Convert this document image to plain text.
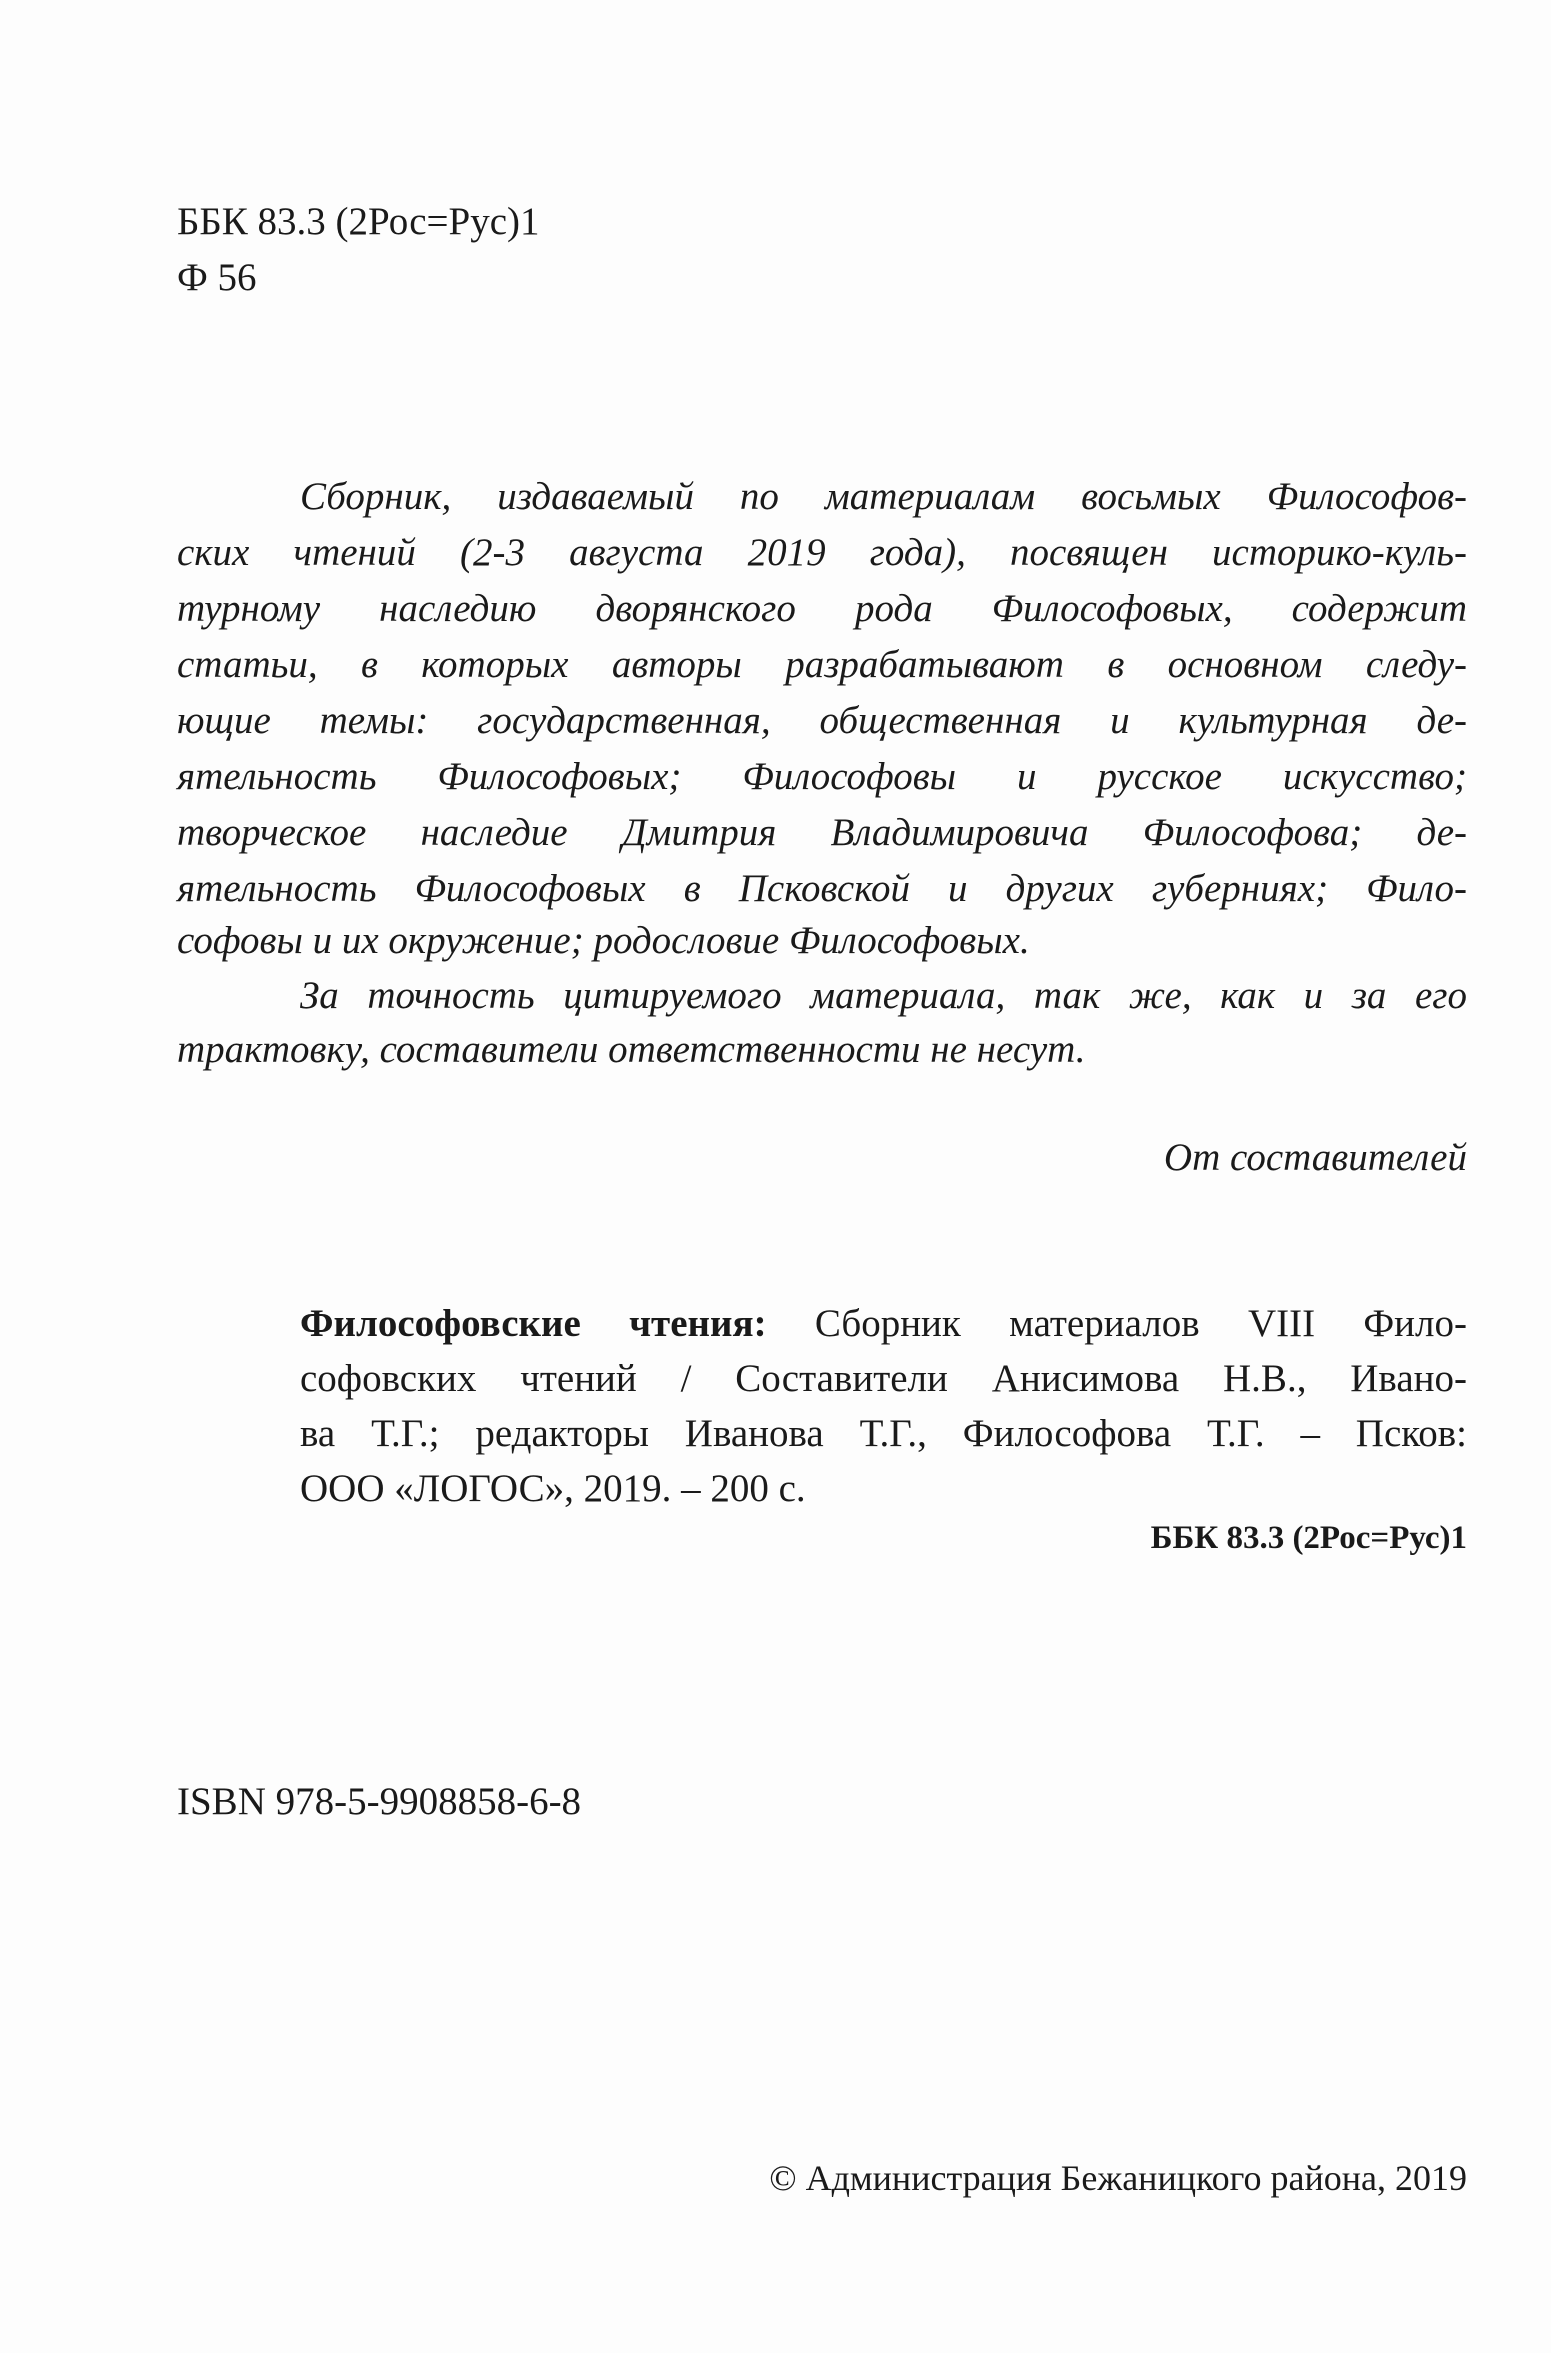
ББК 83.3 (2Рос=Рус)1
Ф 56
Сборник, издаваемый по материалам восьмых Философов-
ских чтений (2-3 августа 2019 года), посвящен историко-куль-
турному наследию дворянского рода Философовых, содержит
статьи, в которых авторы разрабатывают в основном следу-
ющие темы: государственная, общественная и культурная де-
ятельность Философовых; Философовы и русское искусство;
творческое наследие Дмитрия Владимировича Философова; де-
ятельность Философовых в Псковской и других губерниях; Фило-
софовы и их окружение; родословие Философовых.
За точность цитируемого материала, так же, как и за его
трактовку, составители ответственности не несут.
От составителей
Философовские чтения: Сборник материалов VIII Фило-
софовских чтений / Составители Анисимова Н.В., Ивано-
ва Т.Г.; редакторы Иванова Т.Г., Философова Т.Г. – Псков:
ООО «ЛОГОС», 2019. – 200 с.
ББК 83.3 (2Рос=Рус)1
ISBN 978-5-9908858-6-8
© Администрация Бежаницкого района, 2019
